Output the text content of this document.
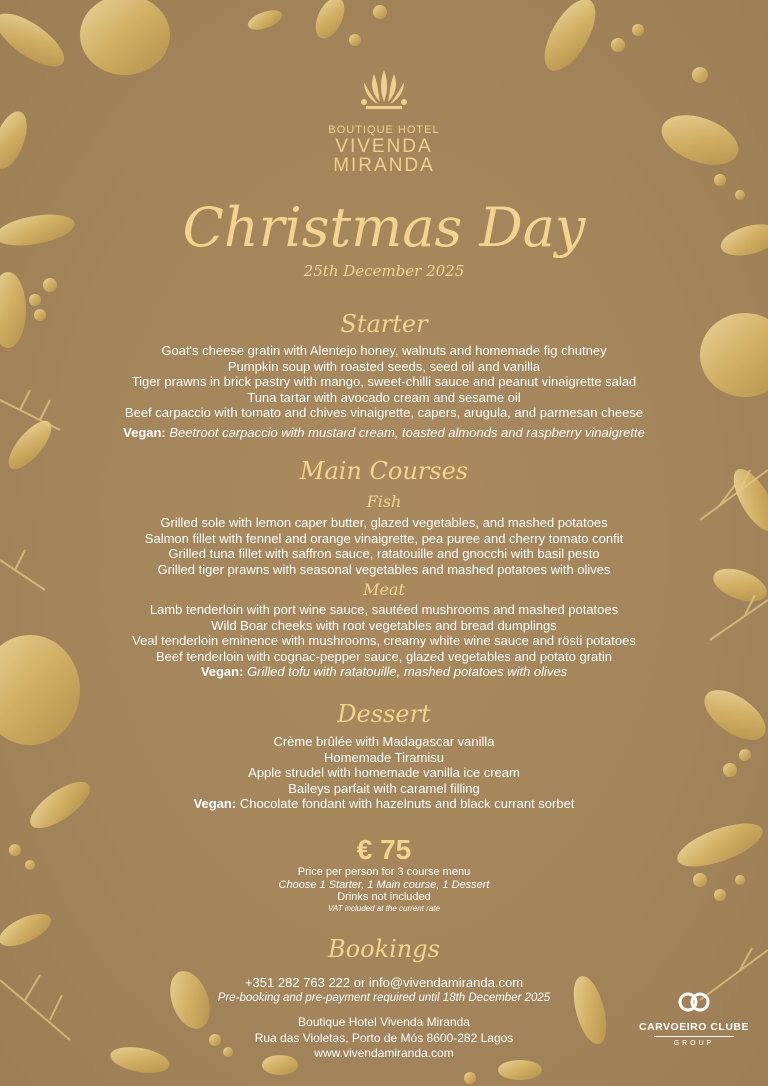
BOUTIQUE HOTEL
VIVENDA
MIRANDA
Christmas Day
25th December 2025
Starter

Goat's cheese gratin with Alentejo honey, walnuts and homemade fig chutney

Pumpkin soup with roasted seeds, seed oil and vanilla

Tiger prawns in brick pastry with mango, sweet-chilli sauce and peanut vinaigrette salad

Tuna tartar with avocado cream and sesame oil

Beef carpaccio with tomato and chives vinaigrette, capers, arugula, and parmesan cheese

Vegan: Beetroot carpaccio with mustard cream, toasted almonds and raspberry vinaigrette

Main Courses
Fish

Grilled sole with lemon caper butter, glazed vegetables, and mashed potatoes

Salmon fillet with fennel and orange vinaigrette, pea puree and cherry tomato confit

Grilled tuna fillet with saffron sauce, ratatouille and gnocchi with basil pesto

Grilled tiger prawns with seasonal vegetables and mashed potatoes with olives

Meat

Lamb tenderloin with port wine sauce, sautéed mushrooms and mashed potatoes

Wild Boar cheeks with root vegetables and bread dumplings

Veal tenderloin eminence with mushrooms, creamy white wine sauce and rösti potatoes

Beef tenderloin with cognac-pepper sauce, glazed vegetables and potato gratin

Vegan: Grilled tofu with ratatouille, mashed potatoes with olives

Dessert

Crème brûlée with Madagascar vanilla

Homemade Tiramisu

Apple strudel with homemade vanilla ice cream

Baileys parfait with caramel filling

Vegan: Chocolate fondant with hazelnuts and black currant sorbet

€ 75
Price per person for 3 course menu
Choose 1 Starter, 1 Main course, 1 Dessert
Drinks not included
VAT included at the current rate
Bookings

+351 282 763 222 or info@vivendamiranda.com

Pre-booking and pre-payment required until 18th December 2025

Boutique Hotel Vivenda Miranda

Rua das Violetas, Porto de Mós 8600-282 Lagos

www.vivendamiranda.com

CARVOEIRO CLUBE
GROUP
